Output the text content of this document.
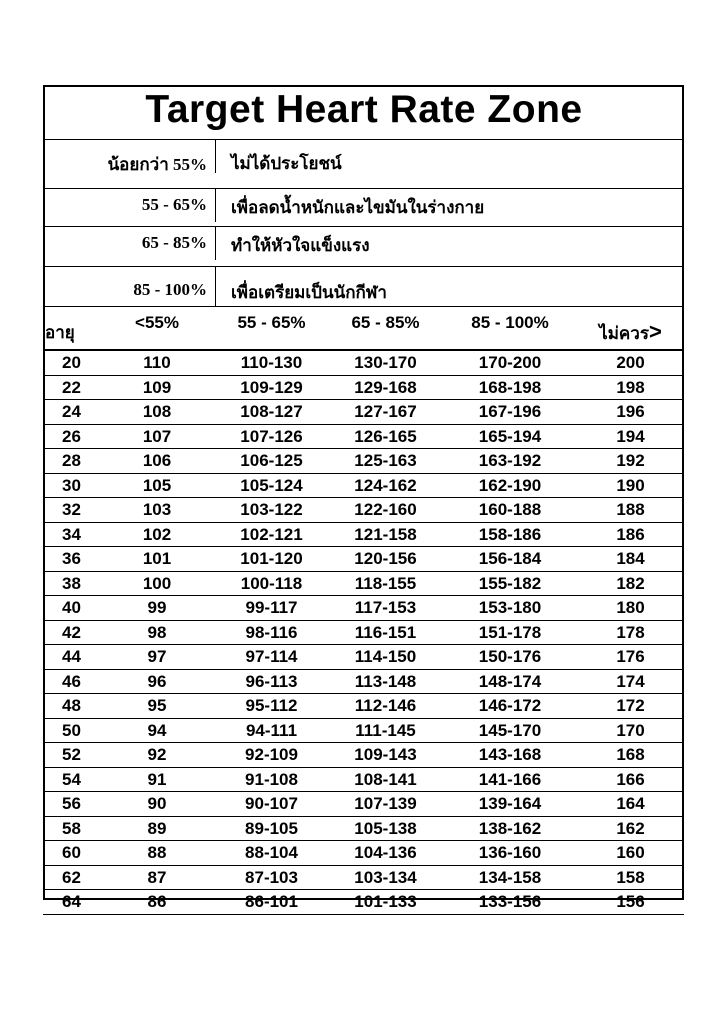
Target Heart Rate Zone
น้อยกว่า 55% ไม่ได้ประโยชน์
55 - 65% เพื่อลดน้ำหนักและไขมันในร่างกาย
65 - 85% ทำให้หัวใจแข็งแรง
85 - 100% เพื่อเตรียมเป็นนักกีฬา
อายุ	<55%	55 - 65%	65 - 85%	85 - 100%	ไม่ควร>
20	110	110-130	130-170	170-200	200
22	109	109-129	129-168	168-198	198
24	108	108-127	127-167	167-196	196
26	107	107-126	126-165	165-194	194
28	106	106-125	125-163	163-192	192
30	105	105-124	124-162	162-190	190
32	103	103-122	122-160	160-188	188
34	102	102-121	121-158	158-186	186
36	101	101-120	120-156	156-184	184
38	100	100-118	118-155	155-182	182
40	99	99-117	117-153	153-180	180
42	98	98-116	116-151	151-178	178
44	97	97-114	114-150	150-176	176
46	96	96-113	113-148	148-174	174
48	95	95-112	112-146	146-172	172
50	94	94-111	111-145	145-170	170
52	92	92-109	109-143	143-168	168
54	91	91-108	108-141	141-166	166
56	90	90-107	107-139	139-164	164
58	89	89-105	105-138	138-162	162
60	88	88-104	104-136	136-160	160
62	87	87-103	103-134	134-158	158
64	86	86-101	101-133	133-156	156
